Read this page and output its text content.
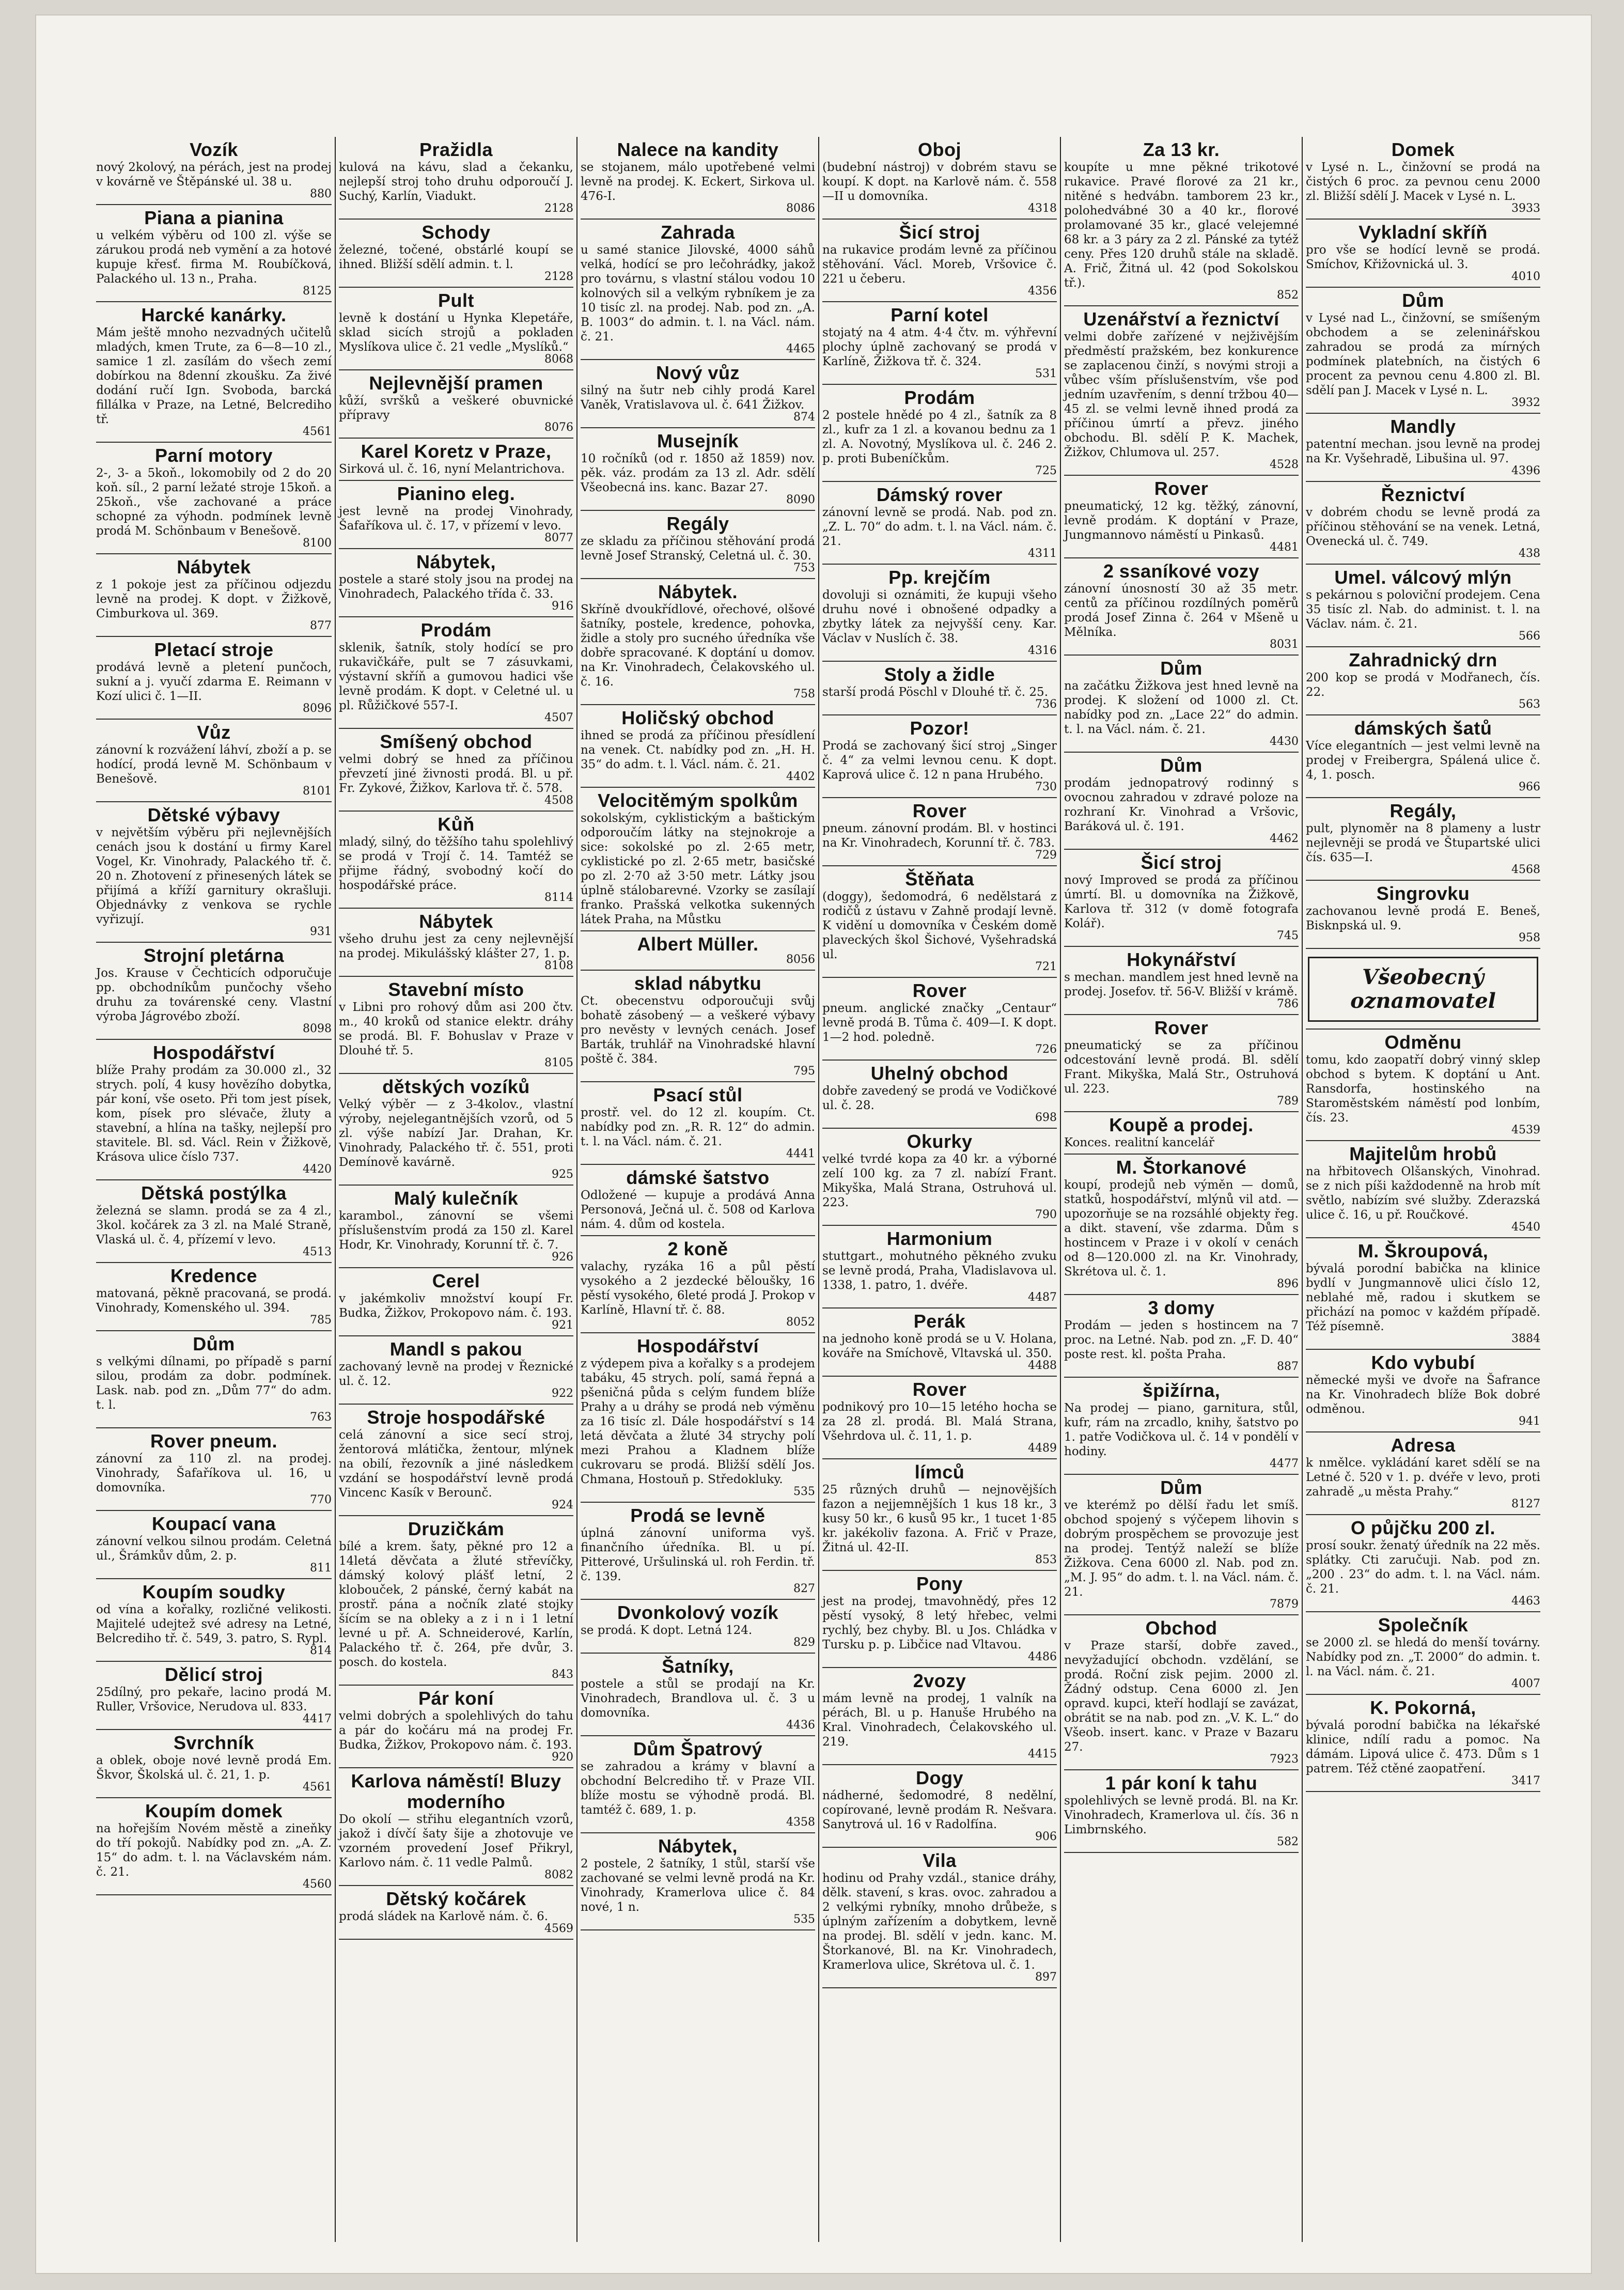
Vozík
nový 2kolový, na pérách, jest na prodej v kovárně ve Štěpánské ul. 38 u.
880
Piana a pianina
u velkém výběru od 100 zl. výše se zárukou prodá neb vymění a za hotové kupuje křesť. firma M. Roubíčková, Palackého ul. 13 n., Praha.
8125
Harcké kanárky.
Mám ještě mnoho nezvadných učitelů mladých, kmen Trute, za 6—8—10 zl., samice 1 zl. zasílám do všech zemí dobírkou na 8denní zkoušku. Za živé dodání ručí Ign. Svoboda, barcká fillálka v Praze, na Letné, Belcrediho tř.
4561
Parní motory
2-, 3- a 5koň., lokomobily od 2 do 20 koň. síl., 2 parní ležaté stroje 15koň. a 25koň., vše zachované a práce schopné za výhodn. podmínek levně prodá M. Schönbaum v Benešově.
8100
Nábytek
z 1 pokoje jest za příčinou odjezdu levně na prodej. K dopt. v Žižkově, Cimburkova ul. 369.
877
Pletací stroje
prodává levně a pletení punčoch, sukní a j. vyučí zdarma E. Reimann v Kozí ulici č. 1—II.
8096
Vůz
zánovní k rozvážení láhví, zboží a p. se hodící, prodá levně M. Schönbaum v Benešově.
8101
Dětské výbavy
v největším výběru při nejlevnějších cenách jsou k dostání u firmy Karel Vogel, Kr. Vinohrady, Palackého tř. č. 20 n. Zhotovení z přinesených látek se přijímá a kříží garnitury okrašluji. Objednávky z venkova se rychle vyřizují.
931
Strojní pletárna
Jos. Krause v Čechticích odporučuje pp. obchodníkům punčochy všeho druhu za továrenské ceny. Vlastní výroba Jágrovébo zboží.
8098
Hospodářství
blíže Prahy prodám za 30.000 zl., 32 strych. polí, 4 kusy hovězího dobytka, pár koní, vše oseto. Při tom jest písek, kom, písek pro slévače, žluty a stavební, a hlína na tašky, nejlepší pro stavitele. Bl. sd. Václ. Rein v Žižkově, Krásova ulice číslo 737.
4420
Dětská postýlka
železná se slamn. prodá se za 4 zl., 3kol. kočárek za 3 zl. na Malé Straně, Vlaská ul. č. 4, přízemí v levo.
4513
Kredence
matovaná, pěkně pracovaná, se prodá. Vinohrady, Komenského ul. 394.
785
Dům
s velkými dílnami, po případě s parní silou, prodám za dobr. podmínek. Lask. nab. pod zn. „Dům 77“ do adm. t. l.
763
Rover pneum.
zánovní za 110 zl. na prodej. Vinohrady, Šafaříkova ul. 16, u domovníka.
770
Koupací vana
zánovní velkou silnou prodám. Celetná ul., Šrámkův dům, 2. p.
811
Koupím soudky
od vína a kořalky, rozličné velikosti. Majitelé udejtež své adresy na Letné, Belcrediho tř. č. 549, 3. patro, S. Rypl.
814
Dělicí stroj
25dílný, pro pekaře, lacino prodá M. Ruller, Vršovice, Nerudova ul. 833.
4417
Svrchník
a oblek, oboje nové levně prodá Em. Škvor, Školská ul. č. 21, 1. p.
4561
Koupím domek
na hořejším Novém městě a zineňky do tří pokojů. Nabídky pod zn. „A. Z. 15“ do adm. t. l. na Václavském nám. č. 21.
4560
Pražidla
kulová na kávu, slad a čekanku, nejlepší stroj toho druhu odporoučí J. Suchý, Karlín, Viadukt.
2128
Schody
železné, točené, obstárlé koupí se ihned. Bližší sdělí admin. t. l.
2128
Pult
levně k dostání u Hynka Klepetáře, sklad sicích strojů a pokladen Myslíkova ulice č. 21 vedle „Myslíků.“
8068
Nejlevnější pramen
kůží, svršků a veškeré obuvnické přípravy
8076
Karel Koretz v Praze,
Sirková ul. č. 16, nyní Melantrichova.
Pianino eleg.
jest levně na prodej Vinohrady, Šafaříkova ul. č. 17, v přízemí v levo.
8077
Nábytek,
postele a staré stoly jsou na prodej na Vinohradech, Palackého třída č. 33.
916
Prodám
sklenik, šatník, stoly hodící se pro rukavičkáře, pult se 7 zásuvkami, výstavní skříň a gumovou hadici vše levně prodám. K dopt. v Celetné ul. u pl. Růžičkové 557-I.
4507
Smíšený obchod
velmi dobrý se hned za příčinou převzetí jiné živnosti prodá. Bl. u př. Fr. Zykové, Žižkov, Karlova tř. č. 578.
4508
Kůň
mladý, silný, do těžšího tahu spolehlivý se prodá v Trojí č. 14. Tamtéž se přijme řádný, svobodný kočí do hospodářské práce.
8114
Nábytek
všeho druhu jest za ceny nejlevnější na prodej. Mikulášský klášter 27, 1. p.
8108
Stavební místo
v Libni pro rohový dům asi 200 čtv. m., 40 kroků od stanice elektr. dráhy se prodá. Bl. F. Bohuslav v Praze v Dlouhé tř. 5.
8105
dětských vozíků
Velký výběr — z 3-4kolov., vlastní výroby, nejelegantnějších vzorů, od 5 zl. výše nabízí Jar. Drahan, Kr. Vinohrady, Palackého tř. č. 551, proti Demínově kavárně.
925
Malý kulečník
karambol., zánovní se všemi příslušenstvím prodá za 150 zl. Karel Hodr, Kr. Vinohrady, Korunní tř. č. 7.
926
Cerel
v jakémkoliv množství koupí Fr. Budka, Žižkov, Prokopovo nám. č. 193.
921
Mandl s pakou
zachovaný levně na prodej v Řeznické ul. č. 12.
922
Stroje hospodářské
celá zánovní a sice secí stroj, žentorová mlátička, žentour, mlýnek na obilí, řezovník a jiné následkem vzdání se hospodářství levně prodá Vincenc Kasík v Berounč.
924
Druzičkám
bílé a krem. šaty, pěkné pro 12 a 14letá děvčata a žluté střevíčky, dámský kolový plášť letní, 2 klobouček, 2 pánské, černý kabát na prostř. pána a nočník zlaté stojky šícím se na obleky a z i n i 1 letní levné u př. A. Schneiderové, Karlín, Palackého tř. č. 264, pře dvůr, 3. posch. do kostela.
843
Pár koní
velmi dobrých a spolehlivých do tahu a pár do kočáru má na prodej Fr. Budka, Žižkov, Prokopovo nám. č. 193.
920
Karlova náměstí! Bluzy moderního
Do okolí — střihu elegantních vzorů, jakož i dívčí šaty šije a zhotovuje ve vzorném provedení Josef Přikryl, Karlovo nám. č. 11 vedle Palmů.
8082
Dětský kočárek
prodá sládek na Karlově nám. č. 6.
4569
Nalece na kandity
se stojanem, málo upotřebené velmi levně na prodej. K. Eckert, Sirkova ul. 476-I.
8086
Zahrada
u samé stanice Jilovské, 4000 sáhů velká, hodící se pro lečohrádky, jakož pro továrnu, s vlastní stálou vodou 10 kolnových sil a velkým rybníkem je za 10 tisíc zl. na prodej. Nab. pod zn. „A. B. 1003“ do admin. t. l. na Václ. nám. č. 21.
4465
Nový vůz
silný na šutr neb cihly prodá Karel Vaněk, Vratislavova ul. č. 641 Žižkov.
874
Musejník
10 ročníků (od r. 1850 až 1859) nov. pěk. váz. prodám za 13 zl. Adr. sdělí Všeobecná ins. kanc. Bazar 27.
8090
Regály
ze skladu za příčinou stěhování prodá levně Josef Stranský, Celetná ul. č. 30.
753
Nábytek.
Skříně dvoukřídlové, ořechové, olšové šatníky, postele, kredence, pohovka, židle a stoly pro sucného úředníka vše dobře spracované. K doptání u domov. na Kr. Vinohradech, Čelakovského ul. č. 16.
758
Holičský obchod
ihned se prodá za příčinou přesídlení na venek. Ct. nabídky pod zn. „H. H. 35“ do adm. t. l. Václ. nám. č. 21.
4402
Velocitěmým spolkům
sokolským, cyklistickým a baštickým odporoučím látky na stejnokroje a sice: sokolské po zl. 2·65 metr, cyklistické po zl. 2·65 metr, basičské po zl. 2·70 až 3·50 metr. Látky jsou úplně stálobarevné. Vzorky se zasílají franko. Prašská velkotka sukenných látek Praha, na Můstku
Albert Müller.
8056
sklad nábytku
Ct. obecenstvu odporoučuji svůj bohatě zásobený — a veškeré výbavy pro nevěsty v levných cenách. Josef Barták, truhlář na Vinohradské hlavní poště č. 384.
795
Psací stůl
prostř. vel. do 12 zl. koupím. Ct. nabídky pod zn. „R. R. 12“ do admin. t. l. na Václ. nám. č. 21.
4441
dámské šatstvo
Odložené — kupuje a prodává Anna Personová, Ječná ul. č. 508 od Karlova nám. 4. dům od kostela.
2 koně
valachy, ryzáka 16 a půl pěstí vysokého a 2 jezdecké běloušky, 16 pěstí vysokého, 6leté prodá J. Prokop v Karlíně, Hlavní tř. č. 88.
8052
Hospodářství
z výdepem piva a kořalky s a prodejem tabáku, 45 strych. polí, samá řepná a pšeničná půda s celým fundem blíže Prahy a u dráhy se prodá neb výměnu za 16 tisíc zl. Dále hospodářství s 14 letá děvčata a žluté 34 strychy polí mezi Prahou a Kladnem blíže cukrovaru se prodá. Bližší sdělí Jos. Chmana, Hostouň p. Středokluky.
535
Prodá se levně
úplná zánovní uniforma vyš. finančního úředníka. Bl. u pí. Pitterové, Uršulinská ul. roh Ferdin. tř. č. 139.
827
Dvonkolový vozík
se prodá. K dopt. Letná 124.
829
Šatníky,
postele a stůl se prodají na Kr. Vinohradech, Brandlova ul. č. 3 u domovníka.
4436
Dům Špatrový
se zahradou a krámy v blavní a obchodní Belcrediho tř. v Praze VII. blíže mostu se výhodně prodá. Bl. tamtéž č. 689, 1. p.
4358
Nábytek,
2 postele, 2 šatníky, 1 stůl, starší vše zachované se velmi levně prodá na Kr. Vinohrady, Kramerlova ulice č. 84 nové, 1 n.
535
Oboj
(budební nástroj) v dobrém stavu se koupí. K dopt. na Karlově nám. č. 558—II u domovníka.
4318
Šicí stroj
na rukavice prodám levně za příčinou stěhování. Václ. Moreb, Vršovice č. 221 u čeberu.
4356
Parní kotel
stojatý na 4 atm. 4·4 čtv. m. výhřevní plochy úplně zachovaný se prodá v Karlíně, Žižkova tř. č. 324.
531
Prodám
2 postele hnědé po 4 zl., šatník za 8 zl., kufr za 1 zl. a kovanou bednu za 1 zl. A. Novotný, Myslíkova ul. č. 246 2. p. proti Bubeníčkům.
725
Dámský rover
zánovní levně se prodá. Nab. pod zn. „Z. L. 70“ do adm. t. l. na Václ. nám. č. 21.
4311
Pp. krejčím
dovoluji si oznámiti, že kupuji všeho druhu nové i obnošené odpadky a zbytky látek za nejvyšší ceny. Kar. Václav v Nuslích č. 38.
4316
Stoly a židle
starší prodá Pöschl v Dlouhé tř. č. 25.
736
Pozor!
Prodá se zachovaný šicí stroj „Singer č. 4“ za velmi levnou cenu. K dopt. Kaprová ulice č. 12 n pana Hrubého.
730
Rover
pneum. zánovní prodám. Bl. v hostinci na Kr. Vinohradech, Korunní tř. č. 783.
729
Štěňata
(doggy), šedomodrá, 6 nedělstará z rodičů z ústavu v Zahně prodají levně. K vidění u domovníka v Českém domě plaveckých škol Šichové, Vyšehradská ul.
721
Rover
pneum. anglické značky „Centaur“ levně prodá B. Tůma č. 409—I. K dopt. 1—2 hod. poledně.
726
Uhelný obchod
dobře zavedený se prodá ve Vodičkové ul. č. 28.
698
Okurky
velké tvrdé kopa za 40 kr. a výborné zelí 100 kg. za 7 zl. nabízí Frant. Mikyška, Malá Strana, Ostruhová ul. 223.
790
Harmonium
stuttgart., mohutného pěkného zvuku se levně prodá, Praha, Vladislavova ul. 1338, 1. patro, 1. dvéře.
4487
Perák
na jednoho koně prodá se u V. Holana, kováře na Smíchově, Vltavská ul. 350.
4488
Rover
podnikový pro 10—15 letého hocha se za 28 zl. prodá. Bl. Malá Strana, Všehrdova ul. č. 11, 1. p.
4489
límců
25 různých druhů — nejnovějších fazon a nejjemnějších 1 kus 18 kr., 3 kusy 50 kr., 6 kusů 95 kr., 1 tucet 1·85 kr. jakékoliv fazona. A. Frič v Praze, Žitná ul. 42-II.
853
Pony
jest na prodej, tmavohnědý, přes 12 pěstí vysoký, 8 letý hřebec, velmi rychlý, bez chyby. Bl. u Jos. Chládka v Tursku p. p. Libčice nad Vltavou.
4486
2vozy
mám levně na prodej, 1 valník na pérách, Bl. u p. Hanuše Hrubého na Kral. Vinohradech, Čelakovského ul. 219.
4415
Dogy
nádherné, šedomodré, 8 nedělní, copírované, levně prodám R. Nešvara. Sanytrová ul. 16 v Radolfína.
906
Vila
hodinu od Prahy vzdál., stanice dráhy, dělk. stavení, s kras. ovoc. zahradou a 2 velkými rybníky, mnoho drůbeže, s úplným zařízením a dobytkem, levně na prodej. Bl. sdělí v jedn. kanc. M. Štorkanové, Bl. na Kr. Vinohradech, Kramerlova ulice, Skrétova ul. č. 1.
897
Za 13 kr.
koupíte u mne pěkné trikotové rukavice. Pravé florové za 21 kr., nitěné s hedvábn. tamborem 23 kr., polohedvábné 30 a 40 kr., florové prolamované 35 kr., glacé velejemné 68 kr. a 3 páry za 2 zl. Pánské za tytéž ceny. Přes 120 druhů stále na skladě. A. Frič, Žitná ul. 42 (pod Sokolskou tř.).
852
Uzenářství a řeznictví
velmi dobře zařízené v nejživějším předměstí pražském, bez konkurence se zaplacenou činží, s novými stroji a vůbec vším příslušenstvím, vše pod jedním uzavřením, s denní tržbou 40—45 zl. se velmi levně ihned prodá za příčinou úmrtí a převz. jiného obchodu. Bl. sdělí P. K. Machek, Žižkov, Chlumova ul. 257.
4528
Rover
pneumatický, 12 kg. těžký, zánovní, levně prodám. K doptání v Praze, Jungmannovo náměstí u Pinkasů.
4481
2 ssaníkové vozy
zánovní únosností 30 až 35 metr. centů za příčinou rozdílných poměrů prodá Josef Zinna č. 264 v Mšeně u Mělníka.
8031
Dům
na začátku Žižkova jest hned levně na prodej. K složení od 1000 zl. Ct. nabídky pod zn. „Lace 22“ do admin. t. l. na Václ. nám. č. 21.
4430
Dům
prodám jednopatrový rodinný s ovocnou zahradou v zdravé poloze na rozhraní Kr. Vinohrad a Vršovic, Baráková ul. č. 191.
4462
Šicí stroj
nový Improved se prodá za příčinou úmrtí. Bl. u domovníka na Žižkově, Karlova tř. 312 (v domě fotografa Kolář).
745
Hokynářství
s mechan. mandlem jest hned levně na prodej. Josefov. tř. 56-V. Bližší v krámě.
786
Rover
pneumatický se za příčinou odcestování levně prodá. Bl. sdělí Frant. Mikyška, Malá Str., Ostruhová ul. 223.
789
Koupě a prodej.
Konces. realitní kancelář
M. Štorkanové
koupí, prodejů neb výměn — domů, statků, hospodářství, mlýnů vil atd. — upozorňuje se na rozsáhlé objekty řeg. a dikt. stavení, vše zdarma. Dům s hostincem v Praze i v okolí v cenách od 8—120.000 zl. na Kr. Vinohrady, Skrétova ul. č. 1.
896
3 domy
Prodám — jeden s hostincem na 7 proc. na Letné. Nab. pod zn. „F. D. 40“ poste rest. kl. pošta Praha.
887
špižírna,
Na prodej — piano, garnitura, stůl, kufr, rám na zrcadlo, knihy, šatstvo po 1. patře Vodičkova ul. č. 14 v pondělí v hodiny.
4477
Dům
ve kterémž po dělší řadu let smíš. obchod spojený s výčepem lihovin s dobrým prospěchem se provozuje jest na prodej. Tentýž naleží se blíže Žižkova. Cena 6000 zl. Nab. pod zn. „M. J. 95“ do adm. t. l. na Václ. nám. č. 21.
7879
Obchod
v Praze starší, dobře zaved., nevyžadující obchodn. vzdělání, se prodá. Roční zisk pejim. 2000 zl. Žádný odstup. Cena 6000 zl. Jen opravd. kupci, kteří hodlají se zavázat, obrátit se na nab. pod zn. „V. K. L.“ do Všeob. insert. kanc. v Praze v Bazaru 27.
7923
1 pár koní k tahu
spolehlivých se levně prodá. Bl. na Kr. Vinohradech, Kramerlova ul. čís. 36 n Limbrnského.
582
Domek
v Lysé n. L., činžovní se prodá na čistých 6 proc. za pevnou cenu 2000 zl. Bližší sdělí J. Macek v Lysé n. L.
3933
Vykladní skříň
pro vše se hodící levně se prodá. Smíchov, Křižovnická ul. 3.
4010
Dům
v Lysé nad L., činžovní, se smíšeným obchodem a se zeleninářskou zahradou se prodá za mírných podmínek platebních, na čistých 6 procent za pevnou cenu 4.800 zl. Bl. sdělí pan J. Macek v Lysé n. L.
3932
Mandly
patentní mechan. jsou levně na prodej na Kr. Vyšehradě, Libušina ul. 97.
4396
Řeznictví
v dobrém chodu se levně prodá za příčinou stěhování se na venek. Letná, Ovenecká ul. č. 749.
438
Umel. válcový mlýn
s pekárnou s poloviční prodejem. Cena 35 tisíc zl. Nab. do administ. t. l. na Václav. nám. č. 21.
566
Zahradnický drn
200 kop se prodá v Modřanech, čís. 22.
563
dámských šatů
Více elegantních — jest velmi levně na prodej v Freibergra, Spálená ulice č. 4, 1. posch.
966
Regály,
pult, plynoměr na 8 plameny a lustr nejlevněji se prodá ve Štupartské ulici čís. 635—I.
4568
Singrovku
zachovanou levně prodá E. Beneš, Bisknpská ul. 9.
958
Všeobecný oznamovatel
Odměnu
tomu, kdo zaopatří dobrý vinný sklep obchod s bytem. K doptání u Ant. Ransdorfa, hostinského na Staroměstském náměstí pod lonbím, čís. 23.
4539
Majitelům hrobů
na hřbitovech Olšanských, Vinohrad. se z nich píši každodenně na hrob mít světlo, nabízím své služby. Zderazská ulice č. 16, u př. Roučkové.
4540
M. Škroupová,
bývalá porodní babička na klinice bydlí v Jungmannově ulici číslo 12, neblahé mě, radou i skutkem se přichází na pomoc v každém případě. Též písemně.
3884
Kdo vybubí
německé myši ve dvoře na Šafrance na Kr. Vinohradech blíže Bok dobré odměnou.
941
Adresa
k nmělce. vykládání karet sdělí se na Letné č. 520 v 1. p. dvéře v levo, proti zahradě „u města Prahy.“
8127
O půjčku 200 zl.
prosí soukr. ženatý úředník na 22 měs. splátky. Cti zaručuji. Nab. pod zn. „200 . 23“ do adm. t. l. na Václ. nám. č. 21.
4463
Společník
se 2000 zl. se hledá do menší továrny. Nabídky pod zn. „T. 2000“ do admin. t. l. na Václ. nám. č. 21.
4007
K. Pokorná,
bývalá porodní babička na lékařské klinice, ndílí radu a pomoc. Na dámám. Lipová ulice č. 473. Dům s 1 patrem. Též ctěné zaopatření.
3417
